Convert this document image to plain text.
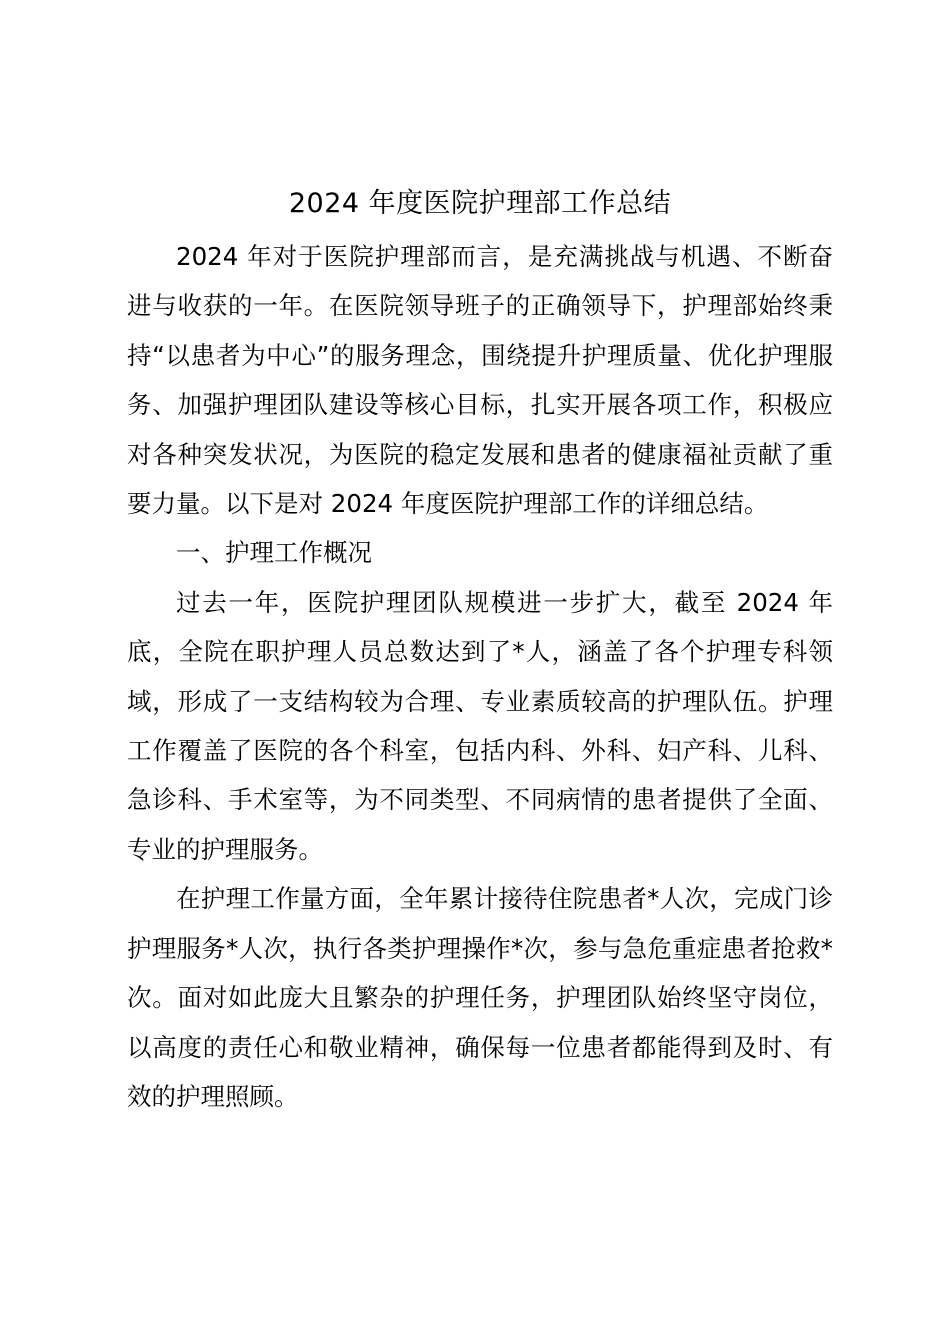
2024 年度医院护理部工作总结

2024 年对于医院护理部而言，是充满挑战与机遇、不断奋进与收获的一年。在医院领导班子的正确领导下，护理部始终秉持“以患者为中心”的服务理念，围绕提升护理质量、优化护理服务、加强护理团队建设等核心目标，扎实开展各项工作，积极应对各种突发状况，为医院的稳定发展和患者的健康福祉贡献了重要力量。以下是对 2024 年度医院护理部工作的详细总结。

一、护理工作概况

过去一年，医院护理团队规模进一步扩大，截至 2024 年底，全院在职护理人员总数达到了*人，涵盖了各个护理专科领域，形成了一支结构较为合理、专业素质较高的护理队伍。护理工作覆盖了医院的各个科室，包括内科、外科、妇产科、儿科、急诊科、手术室等，为不同类型、不同病情的患者提供了全面、专业的护理服务。

在护理工作量方面，全年累计接待住院患者*人次，完成门诊护理服务*人次，执行各类护理操作*次，参与急危重症患者抢救*次。面对如此庞大且繁杂的护理任务，护理团队始终坚守岗位，以高度的责任心和敬业精神，确保每一位患者都能得到及时、有效的护理照顾。
